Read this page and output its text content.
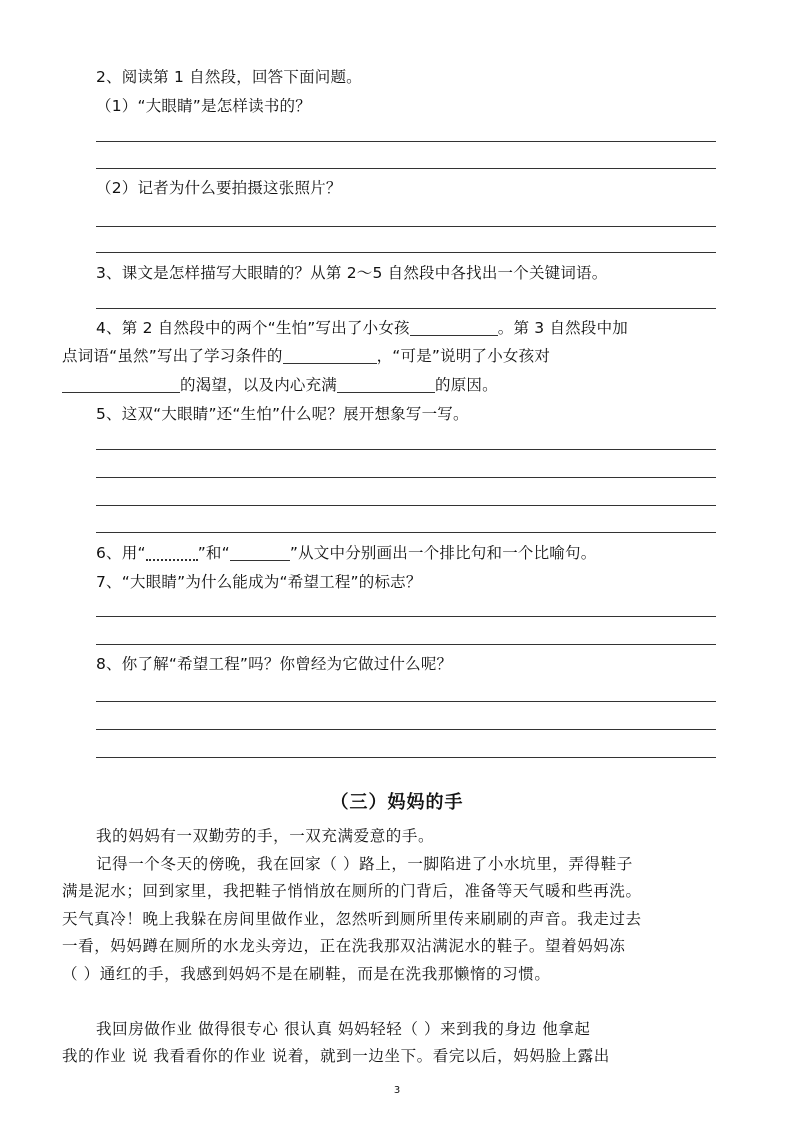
2、阅读第 1 自然段，回答下面问题。
（1）“大眼睛”是怎样读书的？
（2）记者为什么要拍摄这张照片？
3、课文是怎样描写大眼睛的？从第 2～5 自然段中各找出一个关键词语。
4、第 2 自然段中的两个“生怕”写出了小女孩	。第 3 自然段中加
点词语“虽然”写出了学习条件的	，“可是”说明了小女孩对
的渴望，以及内心充满	的原因。
5、这双“大眼睛”还“生怕”什么呢？展开想象写一写。
6、用“	”和“	”从文中分别画出一个排比句和一个比喻句。
7、“大眼睛”为什么能成为“希望工程”的标志？
8、你了解“希望工程”吗？你曾经为它做过什么呢？
（三）妈妈的手
我的妈妈有一双勤劳的手，一双充满爱意的手。
记得一个冬天的傍晚，我在回家（ ）路上，一脚陷进了小水坑里，弄得鞋子
满是泥水；回到家里，我把鞋子悄悄放在厕所的门背后，准备等天气暖和些再洗。
天气真冷！晚上我躲在房间里做作业，忽然听到厕所里传来刷刷的声音。我走过去
一看，妈妈蹲在厕所的水龙头旁边，正在洗我那双沾满泥水的鞋子。望着妈妈冻
（ ）通红的手，我感到妈妈不是在刷鞋，而是在洗我那懒惰的习惯。
我回房做作业 做得很专心 很认真 妈妈轻轻（ ）来到我的身边 他拿起
我的作业 说 我看看你的作业 说着，就到一边坐下。看完以后，妈妈脸上露出
3
